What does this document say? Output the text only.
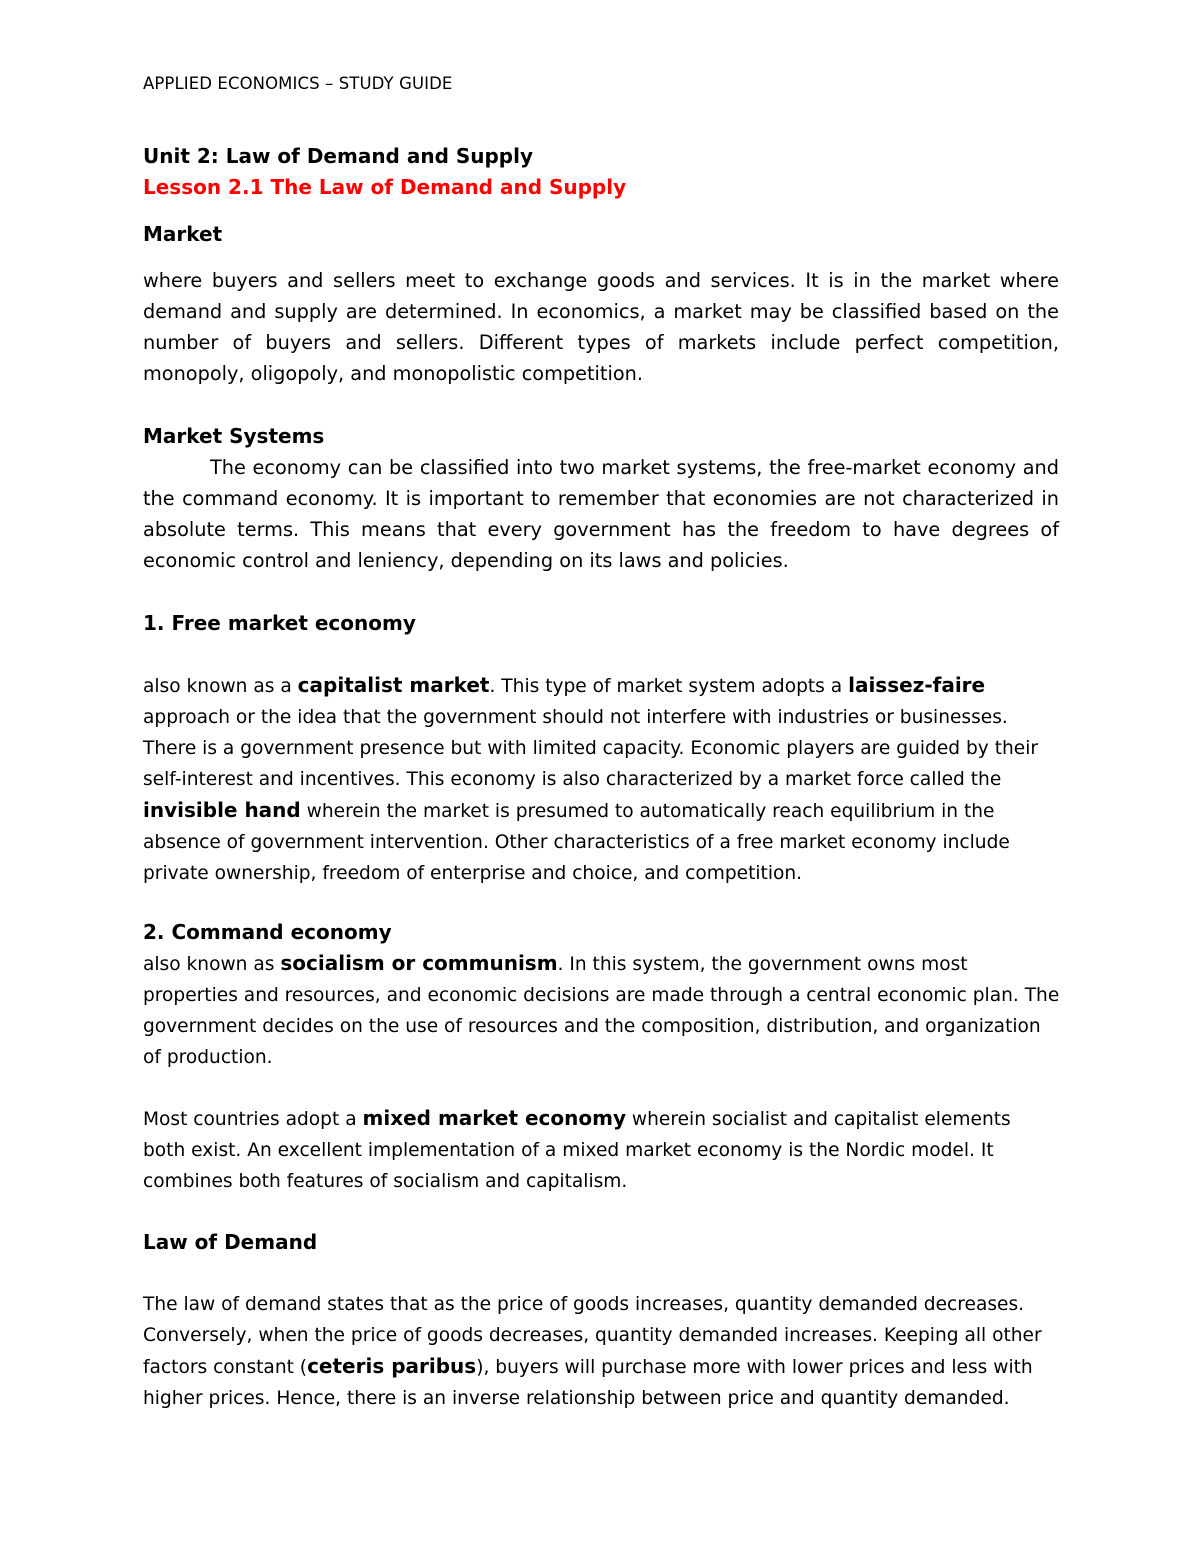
APPLIED ECONOMICS – STUDY GUIDE
Unit 2: Law of Demand and Supply
Lesson 2.1 The Law of Demand and Supply
Market

where buyers and sellers meet to exchange goods and services. It is in the market where demand and supply are determined. In economics, a market may be classified based on the number of buyers and sellers. Different types of markets include perfect competition, monopoly, oligopoly, and monopolistic competition.

Market Systems

The economy can be classified into two market systems, the free-market economy and the command economy. It is important to remember that economies are not characterized in absolute terms. This means that every government has the freedom to have degrees of economic control and leniency, depending on its laws and policies.

1. Free market economy

also known as a capitalist market. This type of market system adopts a laissez-faire approach or the idea that the government should not interfere with industries or businesses. There is a government presence but with limited capacity. Economic players are guided by their self-interest and incentives. This economy is also characterized by a market force called the invisible hand wherein the market is presumed to automatically reach equilibrium in the absence of government intervention. Other characteristics of a free market economy include private ownership, freedom of enterprise and choice, and competition.

2. Command economy

also known as socialism or communism. In this system, the government owns most properties and resources, and economic decisions are made through a central economic plan. The government decides on the use of resources and the composition, distribution, and organization of production.

Most countries adopt a mixed market economy wherein socialist and capitalist elements both exist. An excellent implementation of a mixed market economy is the Nordic model. It combines both features of socialism and capitalism.

Law of Demand

The law of demand states that as the price of goods increases, quantity demanded decreases. Conversely, when the price of goods decreases, quantity demanded increases. Keeping all other factors constant (ceteris paribus), buyers will purchase more with lower prices and less with higher prices. Hence, there is an inverse relationship between price and quantity demanded.
